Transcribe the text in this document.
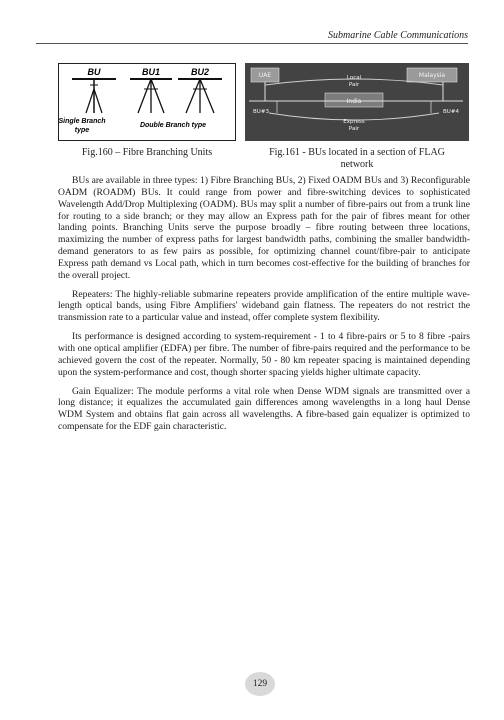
Submarine Cable Communications
BU	BU1	BU2
Single Branch
type
Double Branch type
UAE	Malaysia
Local
Pair
India
Express
Pair
BU#3	BU#4
Fig.160 – Fibre Branching Units	Fig.161 - BUs located in a section of FLAG
network

BUs are available in three types: 1) Fibre Branching BUs, 2) Fixed OADM BUs and 3) Reconfigurable OADM (ROADM) BUs. It could range from power and fibre-switching devices to sophisticated Wavelength Add/Drop Multiplexing (OADM). BUs may split a number of fibre-pairs out from a trunk line for routing to a side branch; or they may allow an Express path for the pair of fibres meant for other landing points. Branching Units serve the purpose broadly – fibre routing between three locations, maximizing the number of express paths for largest bandwidth paths, combining the smaller bandwidth-demand generators to as few pairs as possible, for optimizing channel count/fibre-pair to anticipate Express path demand vs Local path, which in turn becomes cost-effective for the building of branches for the overall project.

Repeaters: The highly-reliable submarine repeaters provide amplification of the entire multiple wave-length optical bands, using Fibre Amplifiers' wideband gain flatness. The repeaters do not restrict the transmission rate to a particular value and instead, offer complete system flexibility.

Its performance is designed according to system-requirement - 1 to 4 fibre-pairs or 5 to 8 fibre -pairs with one optical amplifier (EDFA) per fibre. The number of fibre-pairs required and the performance to be achieved govern the cost of the repeater. Normally, 50 - 80 km repeater spacing is maintained depending upon the system-performance and cost, though shorter spacing yields higher ultimate capacity.

Gain Equalizer: The module performs a vital role when Dense WDM signals are transmitted over a long distance; it equalizes the accumulated gain differences among wavelengths in a long haul Dense WDM System and obtains flat gain across all wavelengths. A fibre-based gain equalizer is optimized to compensate for the EDF gain characteristic.

129
